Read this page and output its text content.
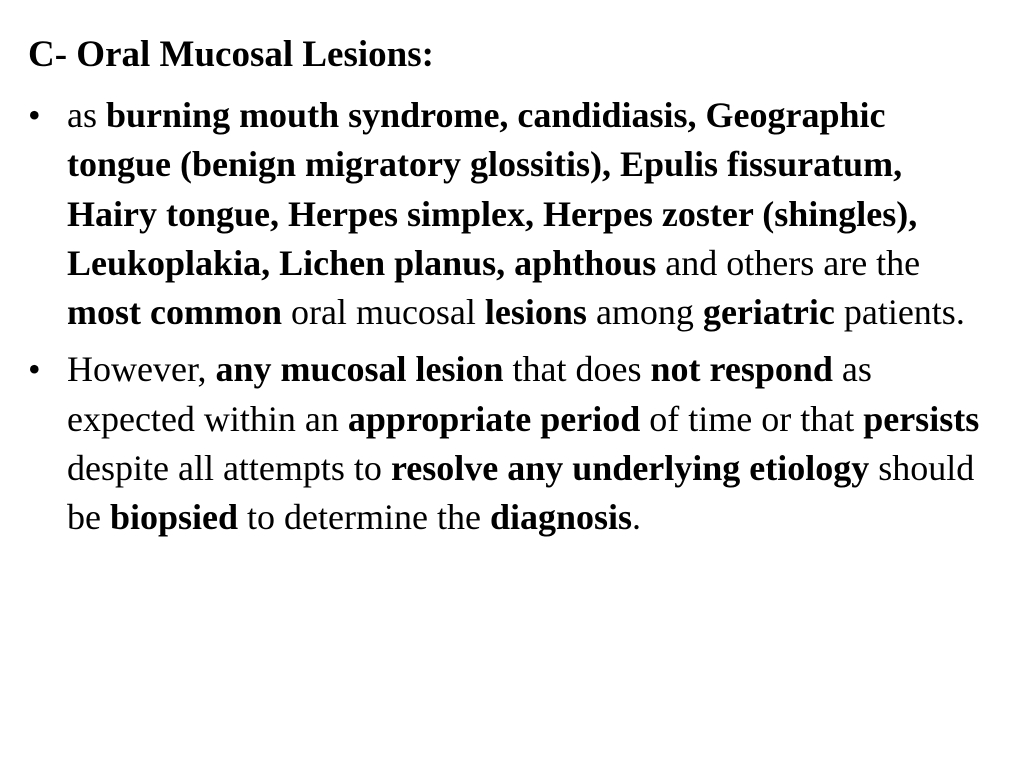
C- Oral Mucosal Lesions:
• as burning mouth syndrome, candidiasis, Geographic tongue (benign migratory glossitis), Epulis fissuratum, Hairy tongue, Herpes simplex, Herpes zoster (shingles), Leukoplakia, Lichen planus, aphthous and others are the most common oral mucosal lesions among geriatric patients.
• However, any mucosal lesion that does not respond as expected within an appropriate period of time or that persists despite all attempts to resolve any underlying etiology should be biopsied to determine the diagnosis.
